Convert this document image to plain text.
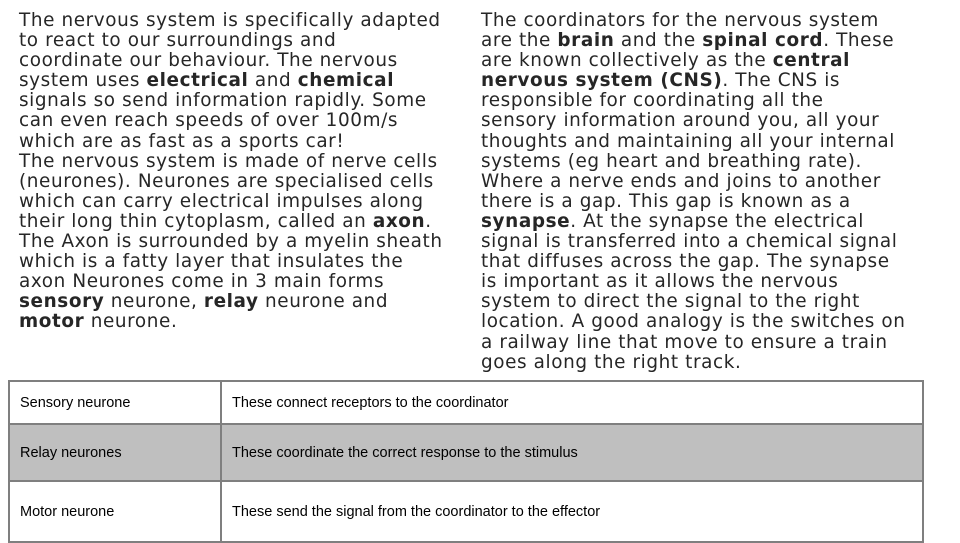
The nervous system is specifically adapted
to react to our surroundings and
coordinate our behaviour. The nervous
system uses electrical and chemical
signals so send information rapidly. Some
can even reach speeds of over 100m/s
which are as fast as a sports car!
The nervous system is made of nerve cells
(neurones). Neurones are specialised cells
which can carry electrical impulses along
their long thin cytoplasm, called an axon.
The Axon is surrounded by a myelin sheath
which is a fatty layer that insulates the
axon Neurones come in 3 main forms
sensory neurone, relay neurone and
motor neurone.
The coordinators for the nervous system
are the brain and the spinal cord. These
are known collectively as the central
nervous system (CNS). The CNS is
responsible for coordinating all the
sensory information around you, all your
thoughts and maintaining all your internal
systems (eg heart and breathing rate).
Where a nerve ends and joins to another
there is a gap. This gap is known as a
synapse. At the synapse the electrical
signal is transferred into a chemical signal
that diffuses across the gap. The synapse
is important as it allows the nervous
system to direct the signal to the right
location. A good analogy is the switches on
a railway line that move to ensure a train
goes along the right track.
Sensory neurone	These connect receptors to the coordinator
Relay neurones	These coordinate the correct response to the stimulus
Motor neurone	These send the signal from the coordinator to the effector
